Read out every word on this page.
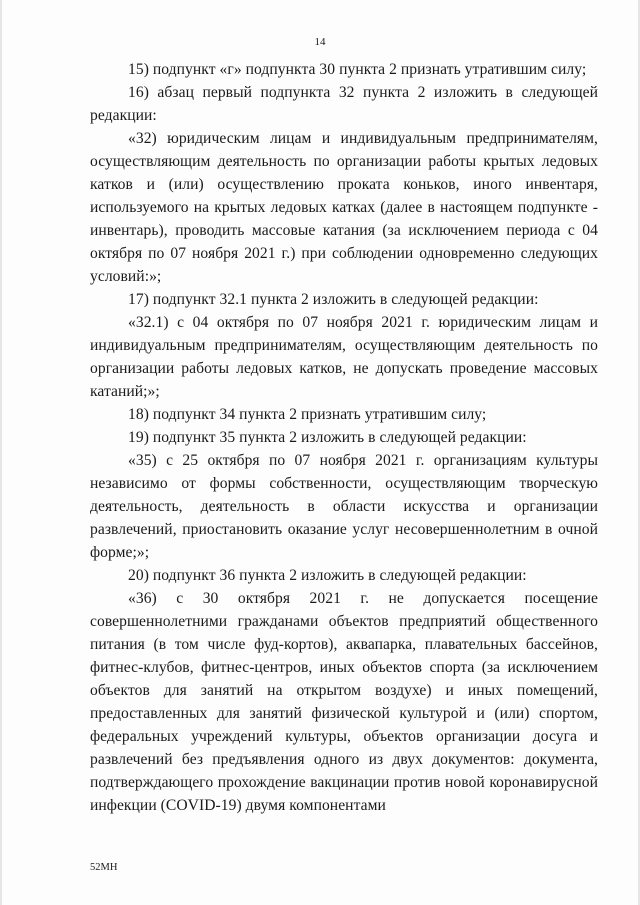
14

15) подпункт «г» подпункта 30 пункта 2 признать утратившим силу;

16) абзац первый подпункта 32 пункта 2 изложить в следующей редакции:

«32) юридическим лицам и индивидуальным предпринимателям, осуществляющим деятельность по организации работы крытых ледовых катков и (или) осуществлению проката коньков, иного инвентаря, используемого на крытых ледовых катках (далее в настоящем подпункте - инвентарь), проводить массовые катания (за исключением периода с 04 октября по 07 ноября 2021 г.) при соблюдении одновременно следующих условий:»;

17) подпункт 32.1 пункта 2 изложить в следующей редакции:

«32.1) с 04 октября по 07 ноября 2021 г. юридическим лицам и индивидуальным предпринимателям, осуществляющим деятельность по организации работы ледовых катков, не допускать проведение массовых катаний;»;

18) подпункт 34 пункта 2 признать утратившим силу;

19) подпункт 35 пункта 2 изложить в следующей редакции:

«35) с 25 октября по 07 ноября 2021 г. организациям культуры независимо от формы собственности, осуществляющим творческую деятельность, деятельность в области искусства и организации развлечений, приостановить оказание услуг несовершеннолетним в очной форме;»;

20) подпункт 36 пункта 2 изложить в следующей редакции:

«36) с 30 октября 2021 г. не допускается посещение совершеннолетними гражданами объектов предприятий общественного питания (в том числе фуд-кортов), аквапарка, плавательных бассейнов, фитнес-клубов, фитнес-центров, иных объектов спорта (за исключением объектов для занятий на открытом воздухе) и иных помещений, предоставленных для занятий физической культурой и (или) спортом, федеральных учреждений культуры, объектов организации досуга и развлечений без предъявления одного из двух документов: документа, подтверждающего прохождение вакцинации против новой коронавирусной инфекции (COVID-19) двумя компонентами

52МН
